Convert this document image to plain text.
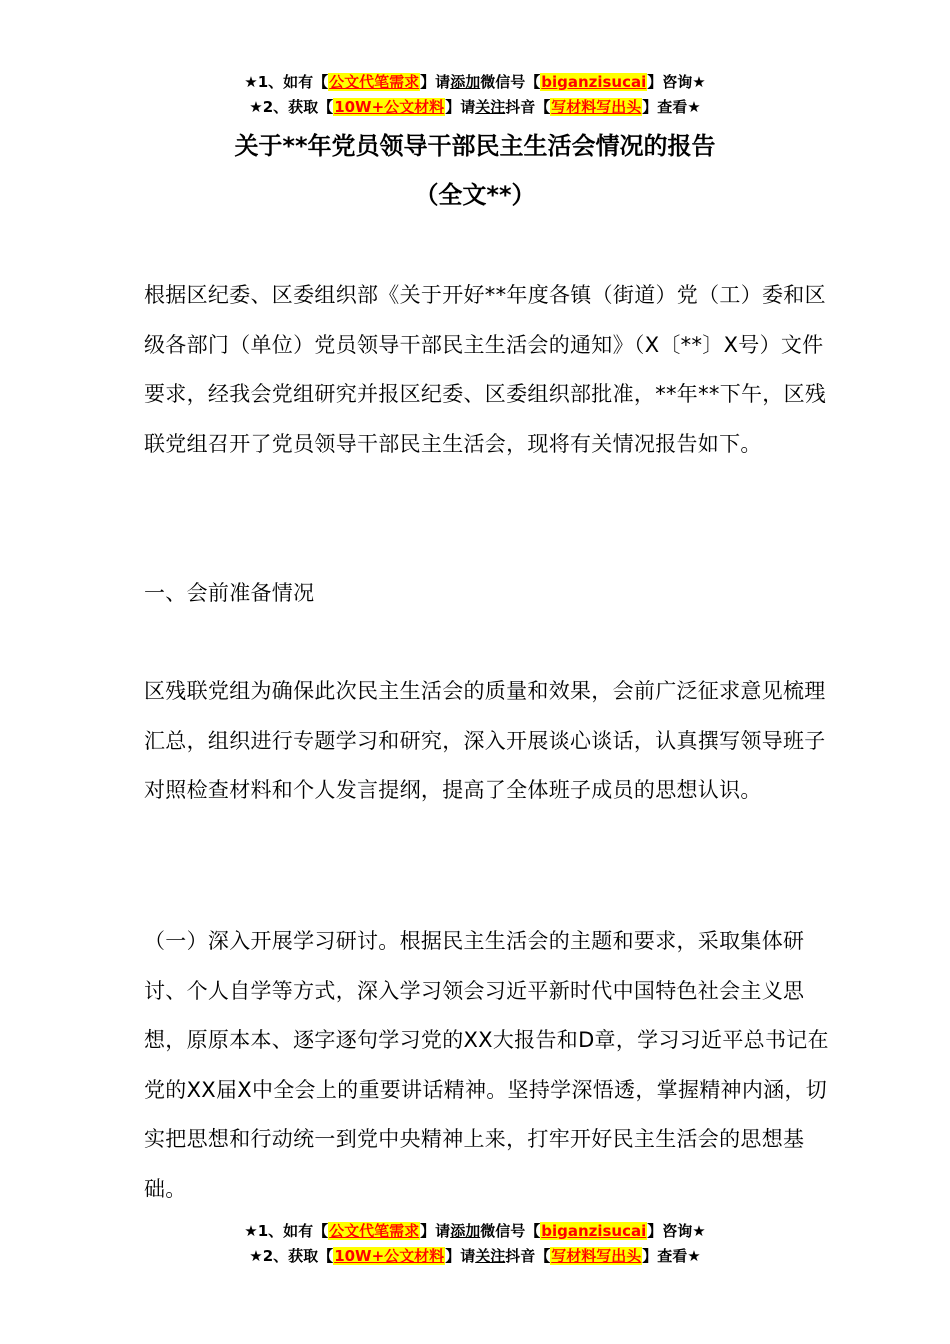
★1、如有【公文代笔需求】请添加微信号【biganzisucai】咨询★
★2、获取【10W+公文材料】请关注抖音【写材料写出头】查看★
关于**年党员领导干部民主生活会情况的报告
（全文**）

根据区纪委、区委组织部《关于开好**年度各镇（街道）党（工）委和区级各部门（单位）党员领导干部民主生活会的通知》（X〔**〕X号）文件要求，经我会党组研究并报区纪委、区委组织部批准，**年**下午，区残联党组召开了党员领导干部民主生活会，现将有关情况报告如下。

一、会前准备情况

区残联党组为确保此次民主生活会的质量和效果，会前广泛征求意见梳理汇总，组织进行专题学习和研究，深入开展谈心谈话，认真撰写领导班子对照检查材料和个人发言提纲，提高了全体班子成员的思想认识。

（一）深入开展学习研讨。根据民主生活会的主题和要求，采取集体研讨、个人自学等方式，深入学习领会习近平新时代中国特色社会主义思想，原原本本、逐字逐句学习党的XX大报告和D章，学习习近平总书记在党的XX届X中全会上的重要讲话精神。坚持学深悟透，掌握精神内涵，切实把思想和行动统一到党中央精神上来，打牢开好民主生活会的思想基础。

★1、如有【公文代笔需求】请添加微信号【biganzisucai】咨询★
★2、获取【10W+公文材料】请关注抖音【写材料写出头】查看★
